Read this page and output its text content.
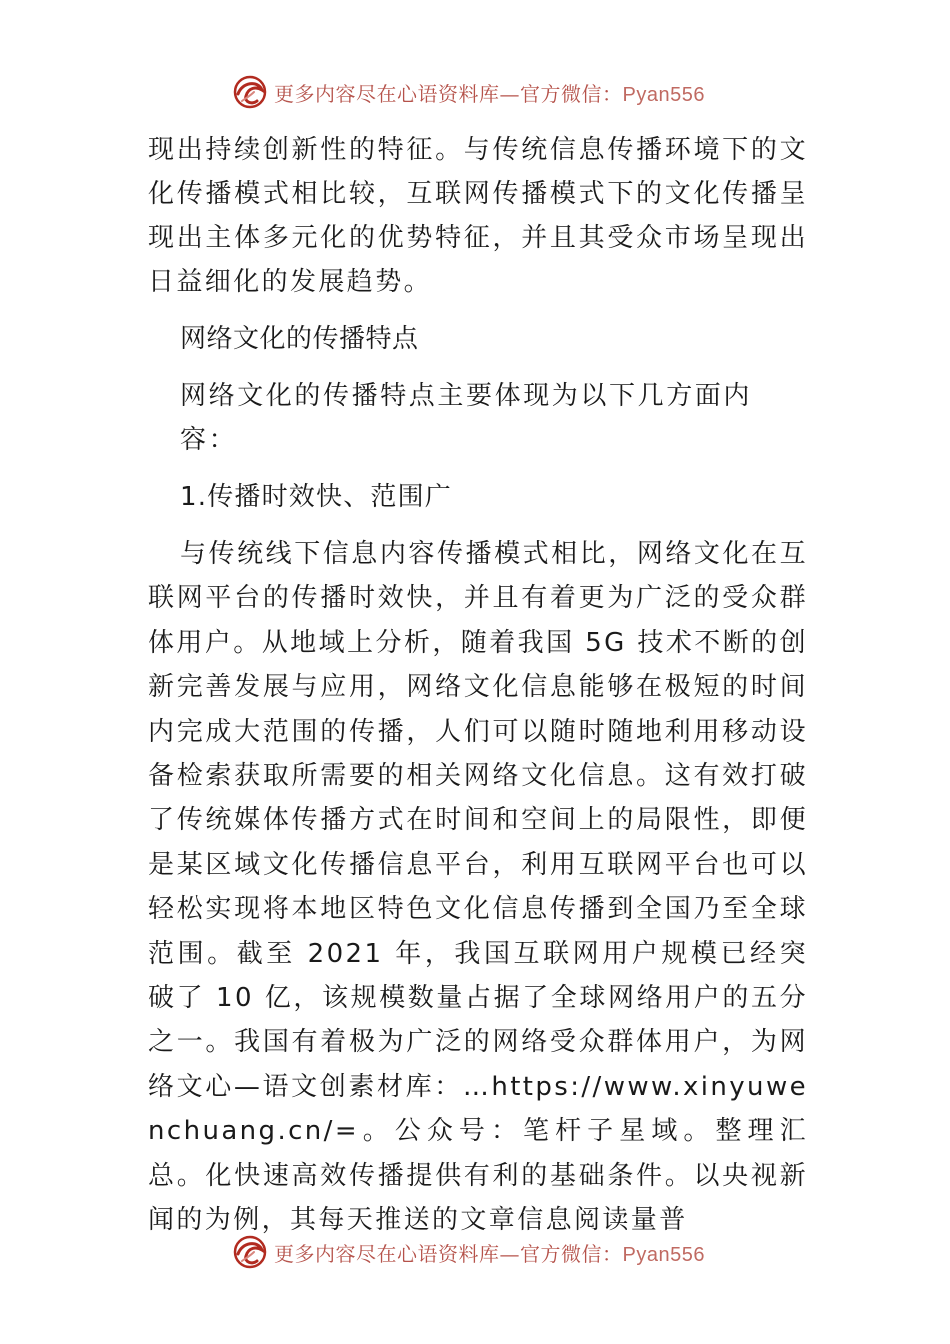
更多内容尽在心语资料库—官方微信：Pyan556

现出持续创新性的特征。与传统信息传播环境下的文化传播模式相比较，互联网传播模式下的文化传播呈现出主体多元化的优势特征，并且其受众市场呈现出日益细化的发展趋势。

网络文化的传播特点

网络文化的传播特点主要体现为以下几方面内容：

1.传播时效快、范围广

与传统线下信息内容传播模式相比，网络文化在互联网平台的传播时效快，并且有着更为广泛的受众群体用户。从地域上分析，随着我国 5G 技术不断的创新完善发展与应用，网络文化信息能够在极短的时间内完成大范围的传播，人们可以随时随地利用移动设备检索获取所需要的相关网络文化信息。这有效打破了传统媒体传播方式在时间和空间上的局限性，即便是某区域文化传播信息平台，利用互联网平台也可以轻松实现将本地区特色文化信息传播到全国乃至全球范围。截至 2021 年，我国互联网用户规模已经突破了 10 亿，该规模数量占据了全球网络用户的五分之一。我国有着极为广泛的网络受众群体用户，为网络文心—语文创素材库：…https://www.xinyuwenchuang.cn/=。公众号：笔杆子星域。整理汇总。化快速高效传播提供有利的基础条件。以央视新闻的为例，其每天推送的文章信息阅读量普

更多内容尽在心语资料库—官方微信：Pyan556
